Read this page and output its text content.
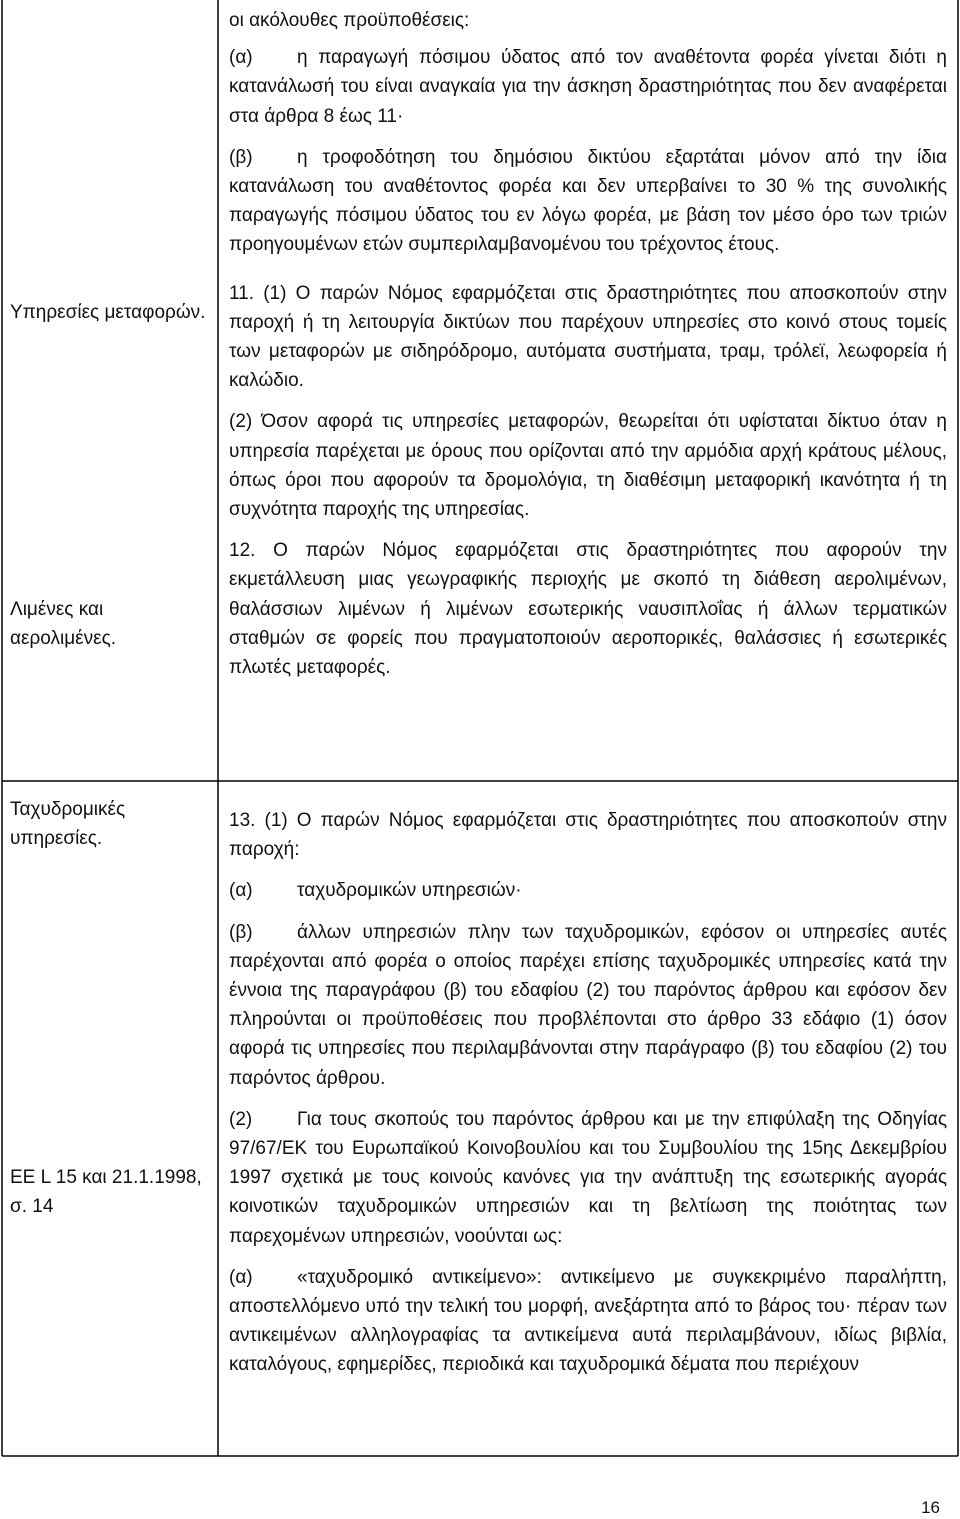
Υπηρεσίες μεταφορών.

Λιμένες και αερολιμένες.

οι ακόλουθες προϋποθέσεις:

(α) η παραγωγή πόσιμου ύδατος από τον αναθέτοντα φορέα γίνεται διότι η κατανάλωσή του είναι αναγκαία για την άσκηση δραστηριότητας που δεν αναφέρεται στα άρθρα 8 έως 11·

(β) η τροφοδότηση του δημόσιου δικτύου εξαρτάται μόνον από την ίδια κατανάλωση του αναθέτοντος φορέα και δεν υπερβαίνει το 30 % της συνολικής παραγωγής πόσιμου ύδατος του εν λόγω φορέα, με βάση τον μέσο όρο των τριών προηγουμένων ετών συμπεριλαμβανομένου του τρέχοντος έτους.

11. (1) Ο παρών Νόμος εφαρμόζεται στις δραστηριότητες που αποσκοπούν στην παροχή ή τη λειτουργία δικτύων που παρέχουν υπηρεσίες στο κοινό στους τομείς των μεταφορών με σιδηρόδρομο, αυτόματα συστήματα, τραμ, τρόλεϊ, λεωφορεία ή καλώδιο.

(2) Όσον αφορά τις υπηρεσίες μεταφορών, θεωρείται ότι υφίσταται δίκτυο όταν η υπηρεσία παρέχεται με όρους που ορίζονται από την αρμόδια αρχή κράτους μέλους, όπως όροι που αφορούν τα δρομολόγια, τη διαθέσιμη μεταφορική ικανότητα ή τη συχνότητα παροχής της υπηρεσίας.

12. Ο παρών Νόμος εφαρμόζεται στις δραστηριότητες που αφορούν την εκμετάλλευση μιας γεωγραφικής περιοχής με σκοπό τη διάθεση αερολιμένων, θαλάσσιων λιμένων ή λιμένων εσωτερικής ναυσιπλοΐας ή άλλων τερματικών σταθμών σε φορείς που πραγματοποιούν αεροπορικές, θαλάσσιες ή εσωτερικές πλωτές μεταφορές.

Ταχυδρομικές υπηρεσίες.

ΕΕ L 15 και 21.1.1998, σ. 14

13. (1) Ο παρών Νόμος εφαρμόζεται στις δραστηριότητες που αποσκοπούν στην παροχή:

(α) ταχυδρομικών υπηρεσιών·

(β) άλλων υπηρεσιών πλην των ταχυδρομικών, εφόσον οι υπηρεσίες αυτές παρέχονται από φορέα ο οποίος παρέχει επίσης ταχυδρομικές υπηρεσίες κατά την έννοια της παραγράφου (β) του εδαφίου (2) του παρόντος άρθρου και εφόσον δεν πληρούνται οι προϋποθέσεις που προβλέπονται στο άρθρο 33 εδάφιο (1) όσον αφορά τις υπηρεσίες που περιλαμβάνονται στην παράγραφο (β) του εδαφίου (2) του παρόντος άρθρου.

(2) Για τους σκοπούς του παρόντος άρθρου και με την επιφύλαξη της Οδηγίας 97/67/ΕΚ του Ευρωπαϊκού Κοινοβουλίου και του Συμβουλίου της 15ης Δεκεμβρίου 1997 σχετικά με τους κοινούς κανόνες για την ανάπτυξη της εσωτερικής αγοράς κοινοτικών ταχυδρομικών υπηρεσιών και τη βελτίωση της ποιότητας των παρεχομένων υπηρεσιών, νοούνται ως:

(α) «ταχυδρομικό αντικείμενο»: αντικείμενο με συγκεκριμένο παραλήπτη, αποστελλόμενο υπό την τελική του μορφή, ανεξάρτητα από το βάρος του· πέραν των αντικειμένων αλληλογραφίας τα αντικείμενα αυτά περιλαμβάνουν, ιδίως βιβλία, καταλόγους, εφημερίδες, περιοδικά και ταχυδρομικά δέματα που περιέχουν

16
